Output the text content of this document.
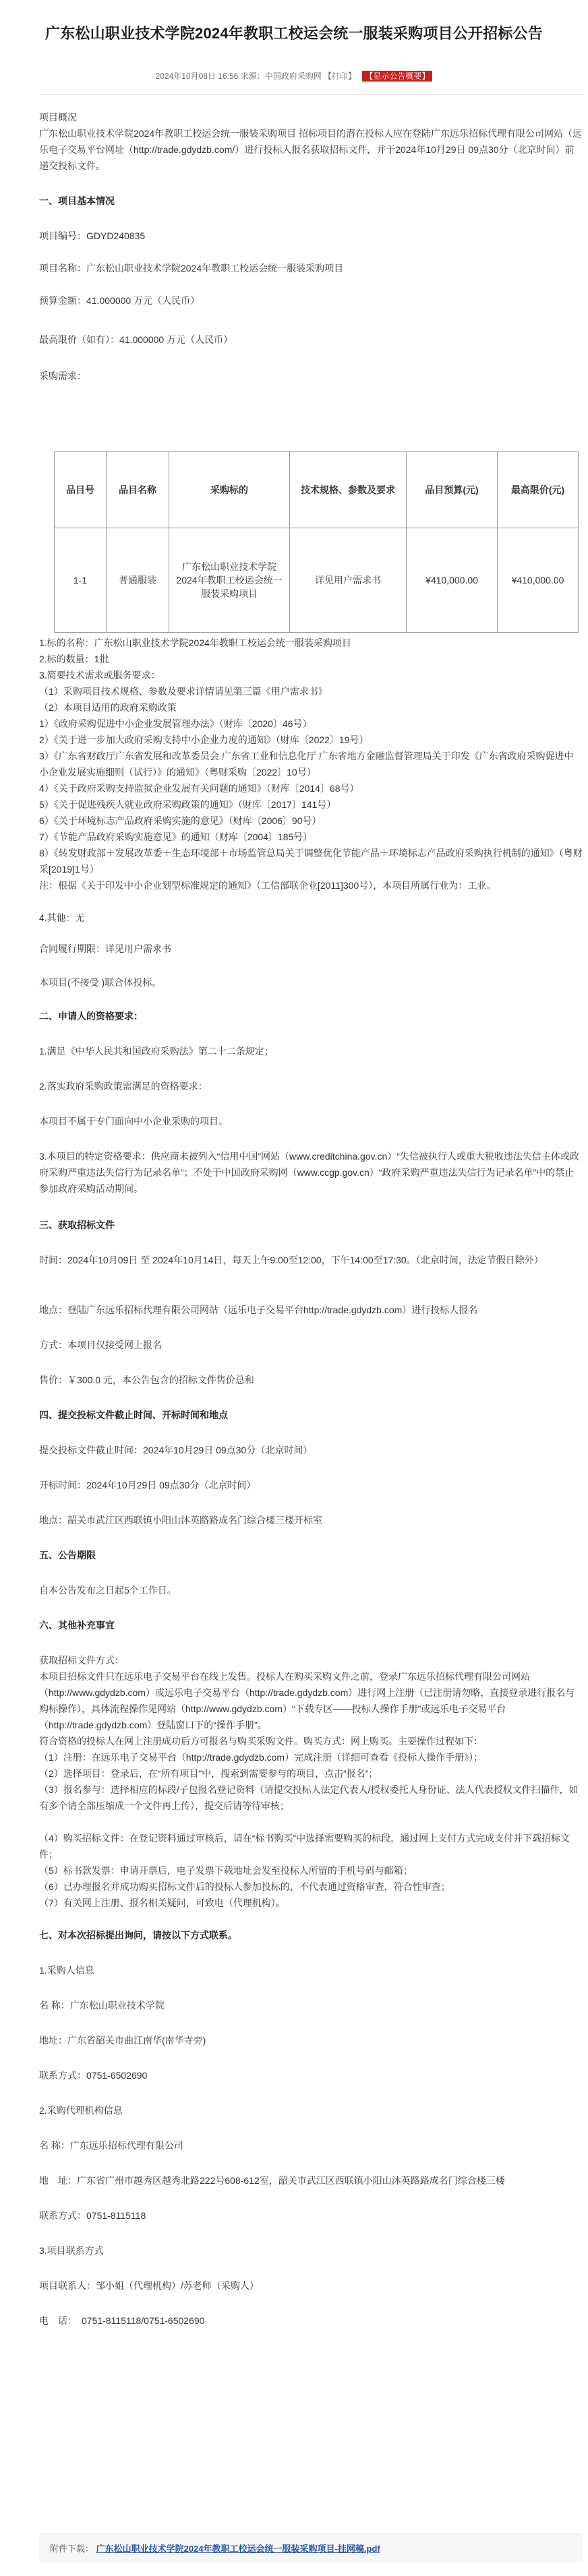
广东松山职业技术学院2024年教职工校运会统一服装采购项目公开招标公告
2024年10月08日 16:56 来源：中国政府采购网 【打印】 【显示公告概要】
项目概况
广东松山职业技术学院2024年教职工校运会统一服装采购项目 招标项目的潜在投标人应在登陆广东远乐招标代理有限公司网站（远乐电子交易平台网址（http://trade.gdydzb.com/）进行投标人报名获取招标文件，并于2024年10月29日 09点30分（北京时间）前递交投标文件。
一、项目基本情况
项目编号：GDYD240835
项目名称：广东松山职业技术学院2024年教职工校运会统一服装采购项目
预算金额：41.000000 万元（人民币）
最高限价（如有）：41.000000 万元（人民币）
采购需求：
品目号	品目名称	采购标的	技术规格、参数及要求	品目预算(元)	最高限价(元)
1-1	普通服装	广东松山职业技术学院2024年教职工校运会统一服装采购项目	详见用户需求书	¥410,000.00	¥410,000.00
1.标的名称：广东松山职业技术学院2024年教职工校运会统一服装采购项目
2.标的数量：1批
3.简要技术需求或服务要求：
（1）采购项目技术规格、参数及要求详情请见第三篇《用户需求书》
（2）本项目适用的政府采购政策
1）《政府采购促进中小企业发展管理办法》（财库〔2020〕46号）
2）《关于进一步加大政府采购支持中小企业力度的通知》（财库〔2022〕19号）
3）《广东省财政厅广东省发展和改革委员会 广东省工业和信息化厅 广东省地方金融监督管理局关于印发《广东省政府采购促进中小企业发展实施细则（试行）》的通知》（粤财采购〔2022〕10号）
4）《关于政府采购支持监狱企业发展有关问题的通知》（财库〔2014〕68号）
5）《关于促进残疾人就业政府采购政策的通知》（财库〔2017〕141号）
6）《关于环境标志产品政府采购实施的意见》（财库〔2006〕90号）
7）《节能产品政府采购实施意见》的通知（财库〔2004〕185号）
8）《转发财政部＋发展改革委＋生态环境部＋市场监管总局关于调整优化节能产品＋环境标志产品政府采购执行机制的通知》（粤财采[2019]1号）
注：根据《关于印发中小企业划型标准规定的通知》（工信部联企业[2011]300号），本项目所属行业为：工业。
4.其他：无
合同履行期限：详见用户需求书
本项目(不接受 )联合体投标。
二、申请人的资格要求：
1.满足《中华人民共和国政府采购法》第二十二条规定；
2.落实政府采购政策需满足的资格要求：
本项目不属于专门面向中小企业采购的项目。
3.本项目的特定资格要求：供应商未被列入“信用中国”网站（www.creditchina.gov.cn）“失信被执行人或重大税收违法失信主体或政府采购严重违法失信行为记录名单”；不处于中国政府采购网（www.ccgp.gov.cn）“政府采购严重违法失信行为记录名单”中的禁止参加政府采购活动期间。
三、获取招标文件
时间：2024年10月09日 至 2024年10月14日，每天上午9:00至12:00，下午14:00至17:30。（北京时间，法定节假日除外）
地点：登陆广东远乐招标代理有限公司网站（远乐电子交易平台http://trade.gdydzb.com）进行投标人报名
方式：本项目仅接受网上报名
售价：￥300.0 元，本公告包含的招标文件售价总和
四、提交投标文件截止时间、开标时间和地点
提交投标文件截止时间：2024年10月29日 09点30分（北京时间）
开标时间：2024年10月29日 09点30分（北京时间）
地点：韶关市武江区西联镇小阳山沐英路路成名门综合楼三楼开标室
五、公告期限
自本公告发布之日起5个工作日。
六、其他补充事宜
获取招标文件方式：
本项目招标文件只在远乐电子交易平台在线上发售。投标人在购买采购文件之前，登录广东远乐招标代理有限公司网站（http://www.gdydzb.com）或远乐电子交易平台（http://trade.gdydzb.com）进行网上注册（已注册请勿略，直接登录进行报名与购标操作），具体流程操作见网站（http://www.gdydzb.com）“下载专区——投标人操作手册”或远乐电子交易平台（http://trade.gdydzb.com）登陆窗口下的“操作手册”。
符合资格的投标人在网上注册成功后方可报名与购买采购文件。购买方式：网上购买。主要操作过程如下：
（1）注册：在远乐电子交易平台（http://trade.gdydzb.com）完成注册（详细可查看《投标人操作手册》）；
（2）选择项目：登录后，在“所有项目”中，搜索到需要参与的项目，点击“报名”；
（3）报名参与：选择相应的标段/子包报名登记资料（请提交投标人法定代表人/授权委托人身份证、法人代表授权文件扫描件，如有多个请全部压缩成一个文件再上传），提交后请等待审核；
（4）购买招标文件：在登记资料通过审核后，请在“标书购买”中选择需要购买的标段，通过网上支付方式完成支付并下载招标文件；
（5）标书款发票：申请开票后，电子发票下载地址会发至投标人所留的手机号码与邮箱；
（6）已办理报名并成功购买招标文件后的投标人参加投标的，不代表通过资格审查，符合性审查；
（7）有关网上注册、报名相关疑问，可致电（代理机构）。
七、对本次招标提出询问，请按以下方式联系。
1.采购人信息
名 称：广东松山职业技术学院
地址：广东省韶关市曲江南华(南华寺旁)
联系方式：0751-6502690
2.采购代理机构信息
名 称：广东远乐招标代理有限公司
地　址：广东省广州市越秀区越秀北路222号608-612室，韶关市武江区西联镇小阳山沐英路路成名门综合楼三楼
联系方式：0751-8115118
3.项目联系方式
项目联系人：邹小姐（代理机构）/苏老师（采购人）
电　话：　0751-8115118/0751-6502690
附件下载： 广东松山职业技术学院2024年教职工校运会统一服装采购项目-挂网稿.pdf
